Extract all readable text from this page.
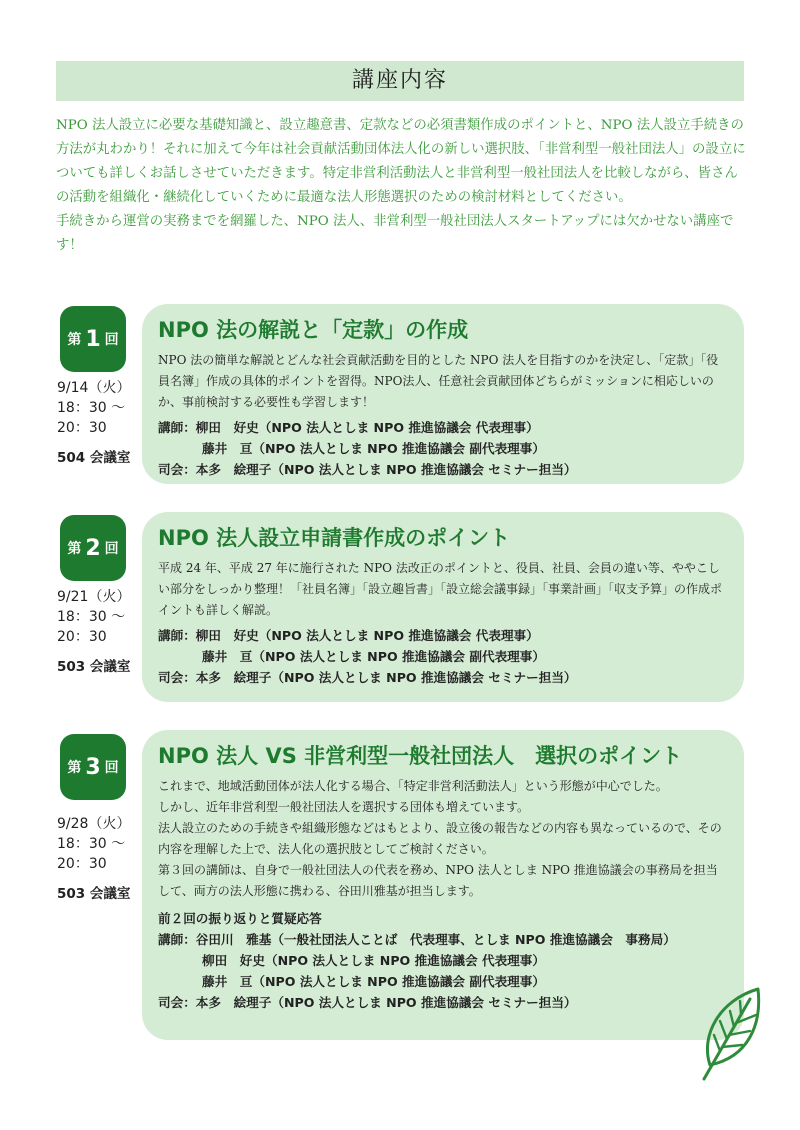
講座内容

NPO 法人設立に必要な基礎知識と、設立趣意書、定款などの必須書類作成のポイントと、NPO 法人設立手続きの方法が丸わかり！それに加えて今年は社会貢献活動団体法人化の新しい選択肢、「非営利型一般社団法人」の設立についても詳しくお話しさせていただきます。特定非営利活動法人と非営利型一般社団法人を比較しながら、皆さんの活動を組織化・継続化していくために最適な法人形態選択のための検討材料としてください。

手続きから運営の実務までを網羅した、NPO 法人、非営利型一般社団法人スタートアップには欠かせない講座です！

第 1 回
9/14（火）
18：30 〜
20：30
504 会議室
NPO 法の解説と「定款」の作成

NPO 法の簡単な解説とどんな社会貢献活動を目的とした NPO 法人を目指すのかを決定し、「定款」「役員名簿」作成の具体的ポイントを習得。NPO法人、任意社会貢献団体どちらがミッションに相応しいのか、事前検討する必要性も学習します！

講師：柳田　好史（NPO 法人としま NPO 推進協議会 代表理事）
藤井　亘（NPO 法人としま NPO 推進協議会 副代表理事）
司会：本多　絵理子（NPO 法人としま NPO 推進協議会 セミナー担当）
第 2 回
9/21（火）
18：30 〜
20：30
503 会議室
NPO 法人設立申請書作成のポイント

平成 24 年、平成 27 年に施行された NPO 法改正のポイントと、役員、社員、会員の違い等、ややこしい部分をしっかり整理！「社員名簿」「設立趣旨書」「設立総会議事録」「事業計画」「収支予算」の作成ポイントも詳しく解説。

講師：柳田　好史（NPO 法人としま NPO 推進協議会 代表理事）
藤井　亘（NPO 法人としま NPO 推進協議会 副代表理事）
司会：本多　絵理子（NPO 法人としま NPO 推進協議会 セミナー担当）
第 3 回
9/28（火）
18：30 〜
20：30
503 会議室
NPO 法人 VS 非営利型一般社団法人　選択のポイント

これまで、地域活動団体が法人化する場合、「特定非営利活動法人」という形態が中心でした。

しかし、近年非営利型一般社団法人を選択する団体も増えています。

法人設立のための手続きや組織形態などはもとより、設立後の報告などの内容も異なっているので、その内容を理解した上で、法人化の選択肢としてご検討ください。

第３回の講師は、自身で一般社団法人の代表を務め、NPO 法人としま NPO 推進協議会の事務局を担当して、両方の法人形態に携わる、谷田川雅基が担当します。

前２回の振り返りと質疑応答
講師：谷田川　雅基（一般社団法人ことば　代表理事、としま NPO 推進協議会　事務局）
柳田　好史（NPO 法人としま NPO 推進協議会 代表理事）
藤井　亘（NPO 法人としま NPO 推進協議会 副代表理事）
司会：本多　絵理子（NPO 法人としま NPO 推進協議会 セミナー担当）
